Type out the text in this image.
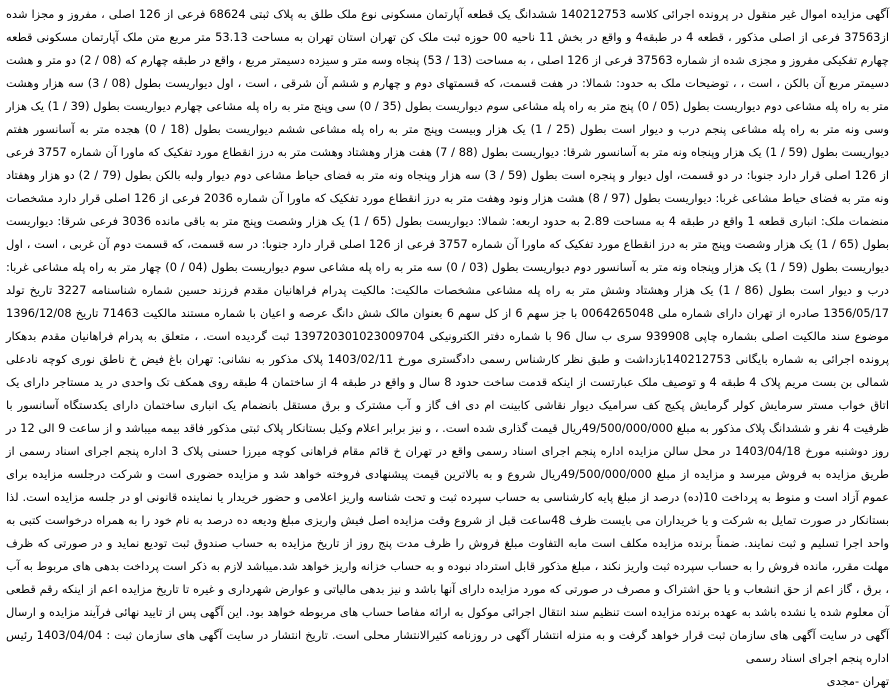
آگهی مزایده اموال غیر منقول در پرونده اجرائی کلاسه 140212753 ششدانگ یک قطعه آپارتمان مسکونی نوع ملک طلق به پلاک ثبتی 68624 فرعی از 126 اصلی ، مفروز و مجزا شده از37563 فرعی از اصلی مذکور ، قطعه 4 در طبقه4 و واقع در بخش 11 ناحیه 00 حوزه ثبت ملک کن تهران استان تهران به مساحت 53.13 متر مربع متن ملک آپارتمان مسکونی قطعه چهارم تفکیکی مفروز و مجزی شده از شماره 37563 فرعی از 126 اصلی ، به مساحت (13 / 53) پنجاه وسه متر و سیزده دسیمتر مربع ، واقع در طبقه چهارم که (08 / 2) دو متر و هشت دسیمتر مربع آن بالکن ، است ، ، توضیحات ملک به حدود: شمالا: در هفت قسمت، که قسمتهای دوم و چهارم و ششم آن شرقی ، است ، اول دیواریست بطول (08 / 3) سه هزار وهشت متر به راه پله مشاعی دوم دیواریست بطول (05 / 0) پنج متر به راه پله مشاعی سوم دیواریست بطول (35 / 0) سی وپنج متر به راه پله مشاعی چهارم دیواریست بطول (39 / 1) یک هزار وسی ونه متر به راه پله مشاعی پنجم درب و دیوار است بطول (25 / 1) یک هزار وبیست وپنج متر به راه پله مشاعی ششم دیواریست بطول (18 / 0) هجده متر به آسانسور هفتم دیواریست بطول (59 / 1) یک هزار وپنجاه ونه متر به آسانسور شرقا: دیواریست بطول (88 / 7) هفت هزار وهشتاد وهشت متر به درز انقطاع مورد تفکیک که ماورا آن شماره 3757 فرعی از 126 اصلی قرار دارد جنوبا: در دو قسمت، اول دیوار و پنجره است بطول (59 / 3) سه هزار وپنجاه ونه متر به فضای حیاط مشاعی دوم دیوار ولبه بالکن بطول (79 / 2) دو هزار وهفتاد ونه متر به فضای حیاط مشاعی غربا: دیواریست بطول (97 / 8) هشت هزار ونود وهفت متر به درز انقطاع مورد تفکیک که ماورا آن شماره 2036 فرعی از 126 اصلی قرار دارد مشخصات منضمات ملک: انباری قطعه 1 واقع در طبقه 4 به مساحت 2.89 به حدود اربعه: شمالا: دیواریست بطول (65 / 1) یک هزار وشصت وپنج متر به باقی مانده 3036 فرعی شرقا: دیواریست بطول (65 / 1) یک هزار وشصت وپنج متر به درز انقطاع مورد تفکیک که ماورا آن شماره 3757 فرعی از 126 اصلی قرار دارد جنوبا: در سه قسمت، که قسمت دوم آن غربی ، است ، اول دیواریست بطول (59 / 1) یک هزار وپنجاه ونه متر به آسانسور دوم دیواریست بطول (03 / 0) سه متر به راه پله مشاعی سوم دیواریست بطول (04 / 0) چهار متر به راه پله مشاعی غربا: درب و دیوار است بطول (86 / 1) یک هزار وهشتاد وشش متر به راه پله مشاعی مشخصات مالکیت: مالکیت پدرام فراهانیان مقدم فرزند حسین شماره شناسنامه 3227 تاریخ تولد 1356/05/17 صادره از تهران دارای شماره ملی 0064265048 با جز سهم 6 از کل سهم 6 بعنوان مالک شش دانگ عرصه و اعیان با شماره مستند مالکیت 71463 تاریخ 1396/12/08 موضوع سند مالکیت اصلی بشماره چاپی 939908 سری ب سال 96 با شماره دفتر الکترونیکی 139720301023009704 ثبت گردیده است. ، متعلق به پدرام فراهانیان مقدم بدهکار پرونده اجرائی به شماره بایگانی 140212753بازداشت و طبق نظر کارشناس رسمی دادگستری مورخ 1403/02/11 پلاک مذکور به نشانی: تهران باغ فیض خ ناطق نوری کوچه نادعلی شمالی بن بست مریم پلاک 4 طبقه 4 و توصیف ملک عبارتست از اینکه قدمت ساخت حدود 8 سال و واقع در طبقه 4 از ساختمان 4 طبقه روی همکف تک واحدی در ید مستاجر دارای یک اتاق خواب مستر سرمایش کولر گرمایش پکیج کف سرامیک دیوار نقاشی کابینت ام دی اف گاز و آب مشترک و برق مستقل بانضمام یک انباری ساختمان دارای یکدستگاه آسانسور با ظرفیت 4 نفر و ششدانگ پلاک مذکور به مبلغ 49/500/000/000ریال قیمت گذاری شده است. ، و نیز برابر اعلام وکیل بستانکار پلاک ثبتی مذکور فاقد بیمه میباشد و از ساعت 9 الی 12 در روز دوشنبه مورخ 1403/04/18 در محل سالن مزایده اداره پنجم اجرای اسناد رسمی واقع در تهران خ قائم مقام فراهانی کوچه میرزا حسنی پلاک 3 اداره پنجم اجرای اسناد رسمی از طریق مزایده به فروش میرسد و مزایده از مبلغ 49/500/000/000ریال شروع و به بالاترین قیمت پیشنهادی فروخته خواهد شد و مزایده حضوری است و شرکت درجلسه مزایده برای عموم آزاد است و منوط به پرداخت 10(ده) درصد از مبلغ پایه کارشناسی به حساب سپرده ثبت و تحت شناسه واریز اعلامی و حضور خریدار یا نماینده قانونی او در جلسه مزایده است. لذا بستانکار در صورت تمایل به شرکت و یا خریداران می بایست ظرف 48ساعت قبل از شروع وقت مزایده اصل فیش واریزی مبلغ ودیعه ده درصد به نام خود را به همراه درخواست کتبی به واحد اجرا تسلیم و ثبت نمایند. ضمناً برنده مزایده مکلف است مابه التفاوت مبلغ فروش را ظرف مدت پنج روز از تاریخ مزایده به حساب صندوق ثبت تودیع نماید و در صورتی که ظرف مهلت مقرر، مانده فروش را به حساب سپرده ثبت واریز نکند ، مبلغ مذکور قابل استرداد نبوده و به حساب خزانه واریز خواهد شد.میباشد لازم به ذکر است پرداخت بدهی های مربوط به آب ، برق ، گاز اعم از حق انشعاب و یا حق اشتراک و مصرف در صورتی که مورد مزایده دارای آنها باشد و نیز بدهی مالیاتی و عوارض شهرداری و غیره تا تاریخ مزایده اعم از اینکه رقم قطعی آن معلوم شده یا نشده باشد به عهده برنده مزایده است تنظیم سند انتقال اجرائی موکول به ارائه مفاصا حساب های مربوطه خواهد بود. این آگهی پس از تایید نهائی فرآیند مزایده و ارسال آگهی در سایت آگهی های سازمان ثبت قرار خواهد گرفت و به منزله انتشار آگهی در روزنامه کثیرالانتشار محلی است. تاریخ انتشار در سایت آگهی های سازمان ثبت : 1403/04/04 رئیس اداره پنجم اجرای اسناد رسمی

تهران -مجدی
